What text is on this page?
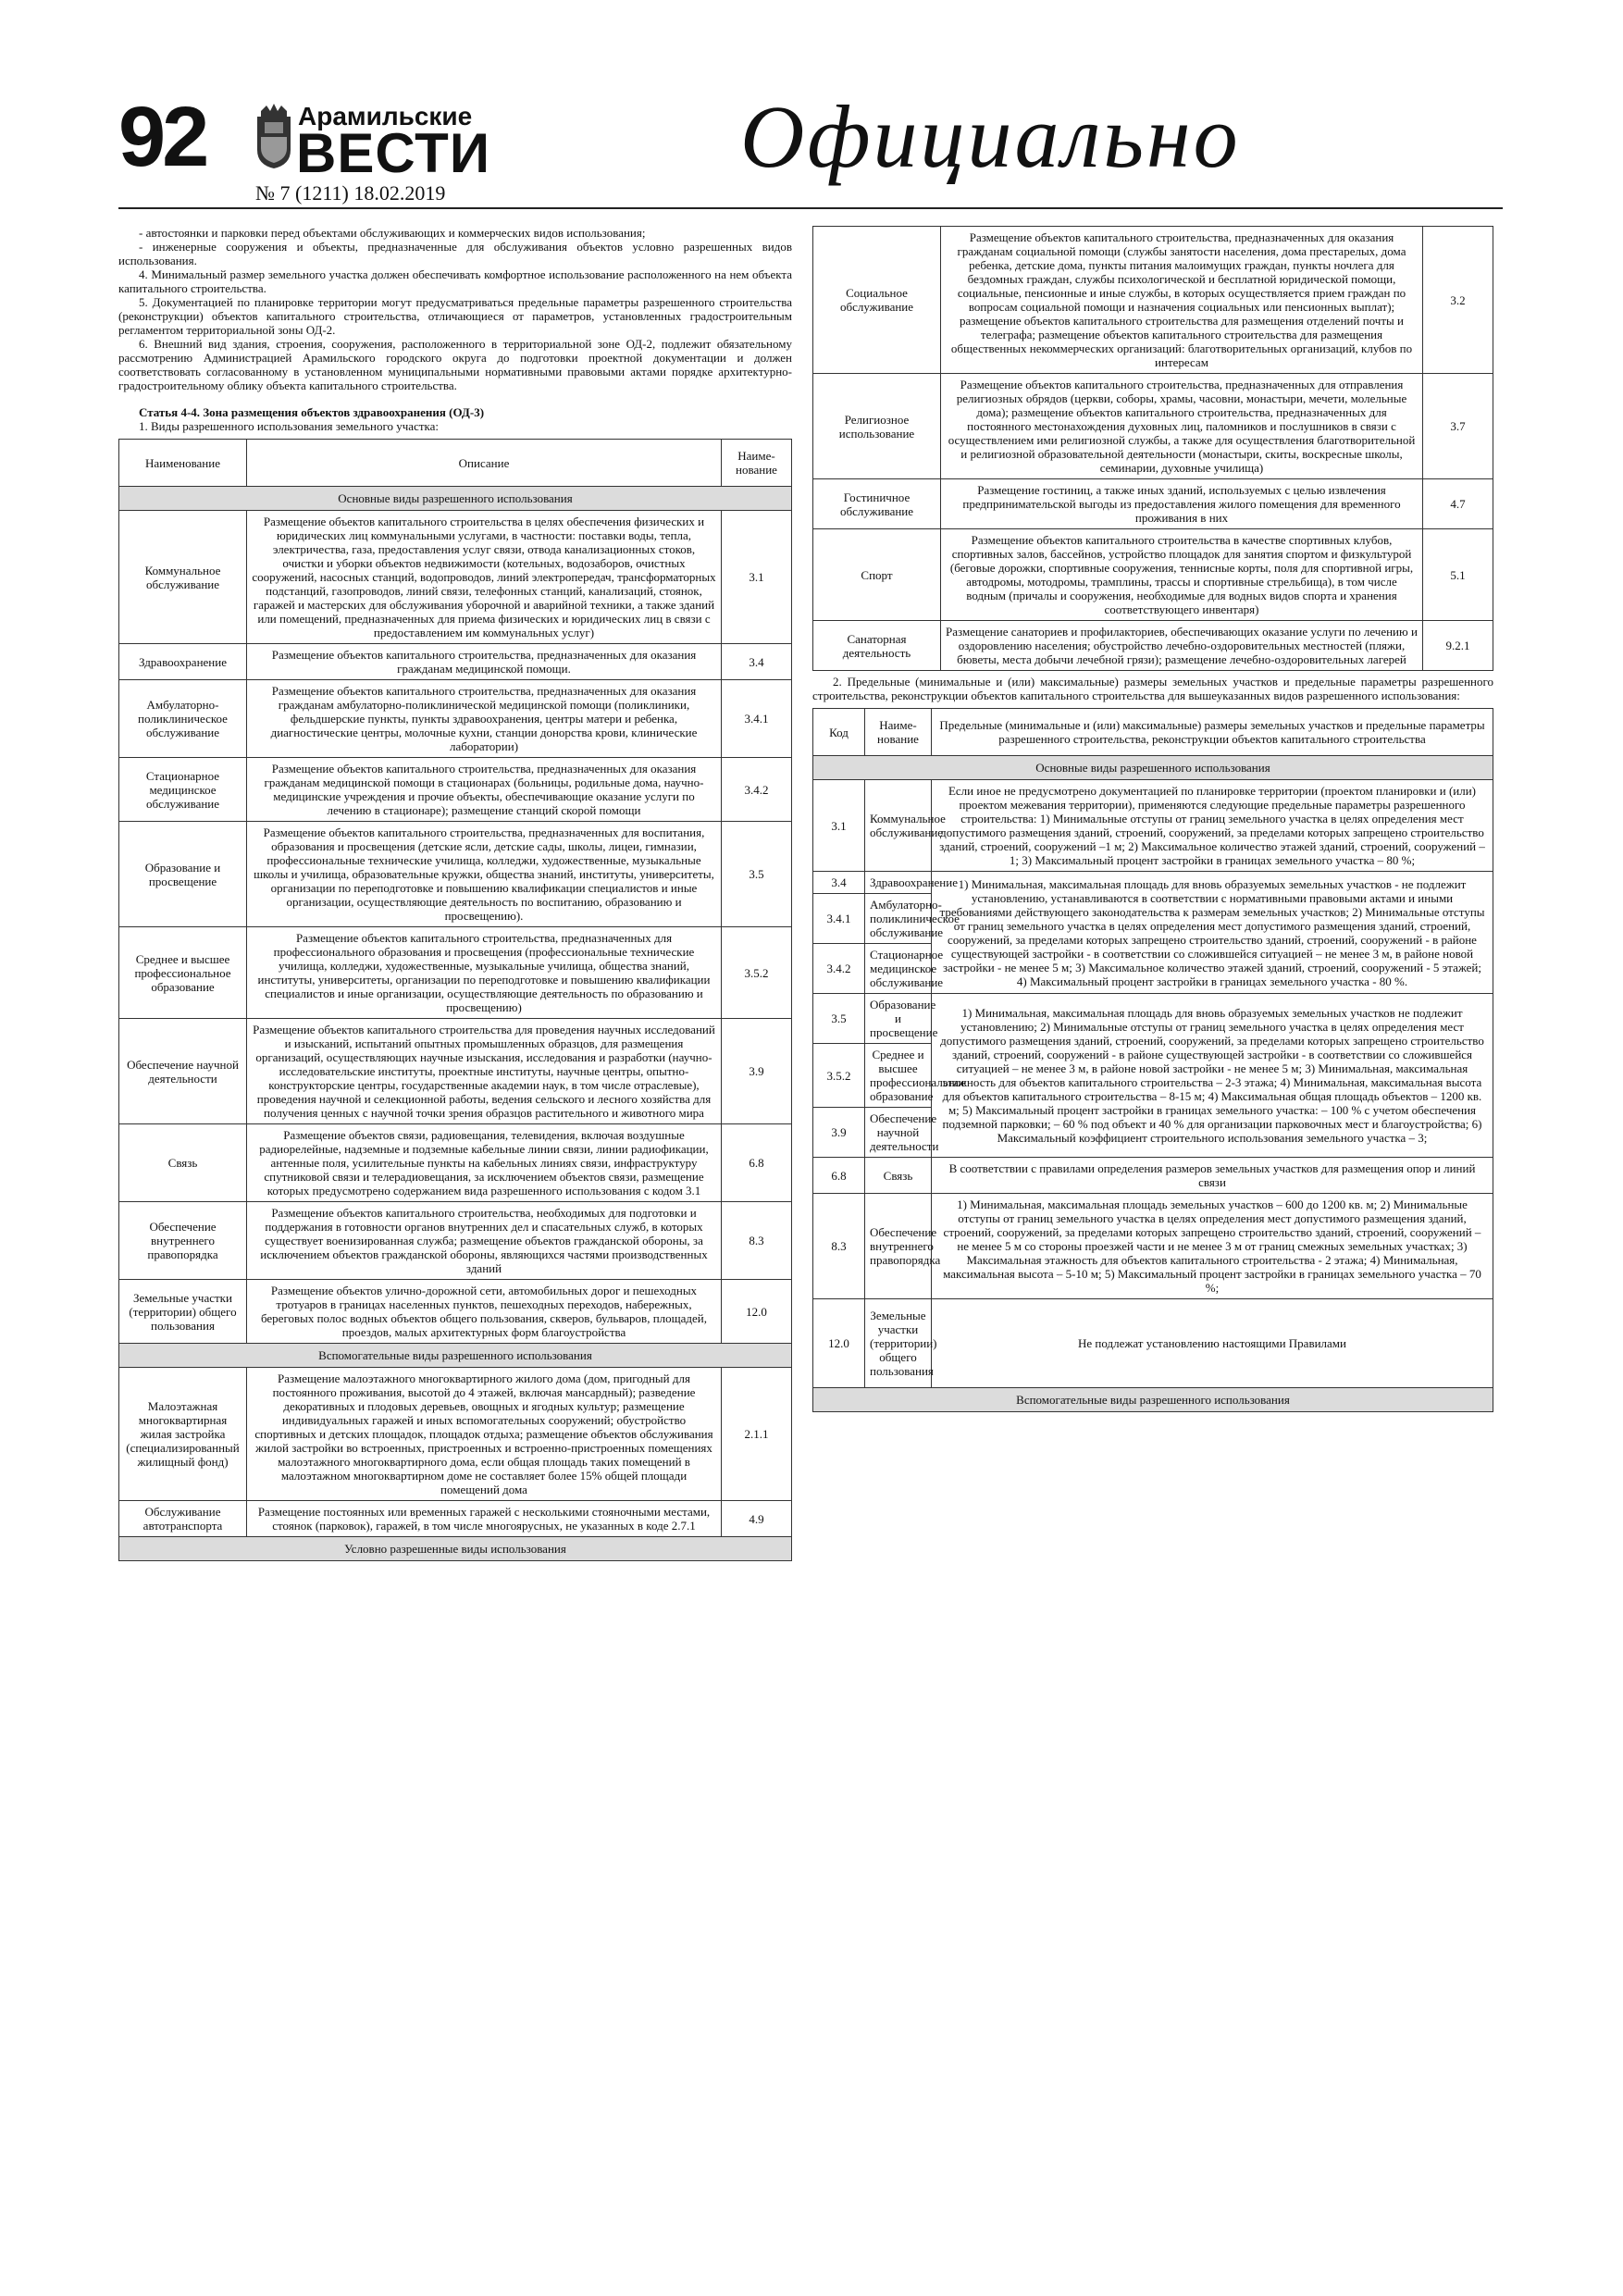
92	Арамильские
ВЕСТИ
№ 7 (1211) 18.02.2019
Официально

- автостоянки и парковки перед объектами обслуживающих и коммерческих видов использования;

- инженерные сооружения и объекты, предназначенные для обслуживания объектов условно разрешенных видов использования.

4. Минимальный размер земельного участка должен обеспечивать комфортное использование расположенного на нем объекта капитального строительства.

5. Документацией по планировке территории могут предусматриваться предельные параметры разрешенного строительства (реконструкции) объектов капитального строительства, отличающиеся от параметров, установленных градостроительным регламентом территориальной зоны ОД-2.

6. Внешний вид здания, строения, сооружения, расположенного в территориальной зоне ОД-2, подлежит обязательному рассмотрению Администрацией Арамильского городского округа до подготовки проектной документации и должен соответствовать согласованному в установленном муниципальными нормативными правовыми актами порядке архитектурно-градостроительному облику объекта капитального строительства.

Статья 4-4. Зона размещения объектов здравоохранения (ОД-3)

1. Виды разрешенного использования земельного участка:

Наименование	Описание	Наименование
Основные виды разрешенного использования		
Коммунальное обслуживание	Размещение объектов капитального строительства в целях обеспечения физических и юридических лиц коммунальными услугами, в частности: поставки воды, тепла, электричества, газа, предоставления услуг связи, отвода канализационных стоков, очистки и уборки объектов недвижимости (котельных, водозаборов, очистных сооружений, насосных станций, водопроводов, линий электропередач, трансформаторных подстанций, газопроводов, линий связи, телефонных станций, канализаций, стоянок, гаражей и мастерских для обслуживания уборочной и аварийной техники, а также зданий или помещений, предназначенных для приема физических и юридических лиц в связи с предоставлением им коммунальных услуг)	3.1
Здравоохранение	Размещение объектов капитального строительства, предназначенных для оказания гражданам медицинской помощи.	3.4
Амбулаторно-поликлиническое обслуживание	Размещение объектов капитального строительства, предназначенных для оказания гражданам амбулаторно-поликлинической медицинской помощи (поликлиники, фельдшерские пункты, пункты здравоохранения, центры матери и ребенка, диагностические центры, молочные кухни, станции донорства крови, клинические лаборатории)	3.4.1
Стационарное медицинское обслуживание	Размещение объектов капитального строительства, предназначенных для оказания гражданам медицинской помощи в стационарах (больницы, родильные дома, научно-медицинские учреждения и прочие объекты, обеспечивающие оказание услуги по лечению в стационаре); размещение станций скорой помощи	3.4.2
Образование и просвещение	Размещение объектов капитального строительства, предназначенных для воспитания, образования и просвещения (детские ясли, детские сады, школы, лицеи, гимназии, профессиональные технические училища, колледжи, художественные, музыкальные школы и училища, образовательные кружки, общества знаний, институты, университеты, организации по переподготовке и повышению квалификации специалистов и иные организации, осуществляющие деятельность по воспитанию, образованию и просвещению).	3.5
Среднее и высшее профессиональное образование	Размещение объектов капитального строительства, предназначенных для профессионального образования и просвещения (профессиональные технические училища, колледжи, художественные, музыкальные училища, общества знаний, институты, университеты, организации по переподготовке и повышению квалификации специалистов и иные организации, осуществляющие деятельность по образованию и просвещению)	3.5.2
Обеспечение научной деятельности	Размещение объектов капитального строительства для проведения научных исследований и изысканий, испытаний опытных промышленных образцов, для размещения организаций, осуществляющих научные изыскания, исследования и разработки (научно-исследовательские институты, проектные институты, научные центры, опытно-конструкторские центры, государственные академии наук, в том числе отраслевые), проведения научной и селекционной работы, ведения сельского и лесного хозяйства для получения ценных с научной точки зрения образцов растительного и животного мира	3.9
Связь	Размещение объектов связи, радиовещания, телевидения, включая воздушные радиорелейные, надземные и подземные кабельные линии связи, линии радиофикации, антенные поля, усилительные пункты на кабельных линиях связи, инфраструктуру спутниковой связи и телерадиовещания, за исключением объектов связи, размещение которых предусмотрено содержанием вида разрешенного использования с кодом 3.1	6.8
Обеспечение внутреннего правопорядка	Размещение объектов капитального строительства, необходимых для подготовки и поддержания в готовности органов внутренних дел и спасательных служб, в которых существует военизированная служба; размещение объектов гражданской обороны, за исключением объектов гражданской обороны, являющихся частями производственных зданий	8.3
Земельные участки (территории) общего пользования	Размещение объектов улично-дорожной сети, автомобильных дорог и пешеходных тротуаров в границах населенных пунктов, пешеходных переходов, набережных, береговых полос водных объектов общего пользования, скверов, бульваров, площадей, проездов, малых архитектурных форм благоустройства	12.0
Вспомогательные виды разрешенного использования		
Малоэтажная многоквартирная жилая застройка (специализированный жилищный фонд)	Размещение малоэтажного многоквартирного жилого дома (дом, пригодный для постоянного проживания, высотой до 4 этажей, включая мансардный); разведение декоративных и плодовых деревьев, овощных и ягодных культур; размещение индивидуальных гаражей и иных вспомогательных сооружений; обустройство спортивных и детских площадок, площадок отдыха; размещение объектов обслуживания жилой застройки во встроенных, пристроенных и встроенно-пристроенных помещениях малоэтажного многоквартирного дома, если общая площадь таких помещений в малоэтажном многоквартирном доме не составляет более 15% общей площади помещений дома	2.1.1
Обслуживание автотранспорта	Размещение постоянных или временных гаражей с несколькими стояночными местами, стоянок (парковок), гаражей, в том числе многоярусных, не указанных в коде 2.7.1	4.9
Условно разрешенные виды использования		
Социальное обслуживание	Размещение объектов капитального строительства, предназначенных для оказания гражданам социальной помощи (службы занятости населения, дома престарелых, дома ребенка, детские дома, пункты питания малоимущих граждан, пункты ночлега для бездомных граждан, службы психологической и бесплатной юридической помощи, социальные, пенсионные и иные службы, в которых осуществляется прием граждан по вопросам социальной помощи и назначения социальных или пенсионных выплат); размещение объектов капитального строительства для размещения отделений почты и телеграфа; размещение объектов капитального строительства для размещения общественных некоммерческих организаций: благотворительных организаций, клубов по интересам	3.2
Религиозное использование	Размещение объектов капитального строительства, предназначенных для отправления религиозных обрядов (церкви, соборы, храмы, часовни, монастыри, мечети, молельные дома); размещение объектов капитального строительства, предназначенных для постоянного местонахождения духовных лиц, паломников и послушников в связи с осуществлением ими религиозной службы, а также для осуществления благотворительной и религиозной образовательной деятельности (монастыри, скиты, воскресные школы, семинарии, духовные училища)	3.7
Гостиничное обслуживание	Размещение гостиниц, а также иных зданий, используемых с целью извлечения предпринимательской выгоды из предоставления жилого помещения для временного проживания в них	4.7
Спорт	Размещение объектов капитального строительства в качестве спортивных клубов, спортивных залов, бассейнов, устройство площадок для занятия спортом и физкультурой (беговые дорожки, спортивные сооружения, теннисные корты, поля для спортивной игры, автодромы, мотодромы, трамплины, трассы и спортивные стрельбища), в том числе водным (причалы и сооружения, необходимые для водных видов спорта и хранения соответствующего инвентаря)	5.1
Санаторная деятельность	Размещение санаториев и профилакториев, обеспечивающих оказание услуги по лечению и оздоровлению населения; обустройство лечебно-оздоровительных местностей (пляжи, бюветы, места добычи лечебной грязи); размещение лечебно-оздоровительных лагерей	9.2.1

2. Предельные (минимальные и (или) максимальные) размеры земельных участков и предельные параметры разрешенного строительства, реконструкции объектов капитального строительства для вышеуказанных видов разрешенного использования:

Код	Наименование	Предельные (минимальные и (или) максимальные) размеры земельных участков и предельные параметры разрешенного строительства, реконструкции объектов капитального строительства
Основные виды разрешенного использования		
3.1	Коммунальное обслуживание	Если иное не предусмотрено документацией по планировке территории (проектом планировки и (или) проектом межевания территории), применяются следующие предельные параметры разрешенного строительства: 1) Минимальные отступы от границ земельного участка в целях определения мест допустимого размещения зданий, строений, сооружений, за пределами которых запрещено строительство зданий, строений, сооружений –1 м; 2) Максимальное количество этажей зданий, строений, сооружений – 1; 3) Максимальный процент застройки в границах земельного участка – 80 %;
3.4	Здравоохранение	1) Минимальная, максимальная площадь для вновь образуемых земельных участков - не подлежит установлению, устанавливаются в соответствии с нормативными правовыми актами и иными требованиями действующего законодательства к размерам земельных участков; 2) Минимальные отступы от границ земельного участка в целях определения мест допустимого размещения зданий, строений, сооружений, за пределами которых запрещено строительство зданий, строений, сооружений - в районе существующей застройки - в соответствии со сложившейся ситуацией – не менее 3 м, в районе новой застройки - не менее 5 м; 3) Максимальное количество этажей зданий, строений, сооружений - 5 этажей; 4) Максимальный процент застройки в границах земельного участка - 80 %.
3.4.1	Амбулаторно-поликлиническое обслуживание	
3.4.2	Стационарное медицинское обслуживание	
3.5	Образование и просвещение	1) Минимальная, максимальная площадь для вновь образуемых земельных участков не подлежит установлению; 2) Минимальные отступы от границ земельного участка в целях определения мест допустимого размещения зданий, строений, сооружений, за пределами которых запрещено строительство зданий, строений, сооружений - в районе существующей застройки - в соответствии со сложившейся ситуацией – не менее 3 м, в районе новой застройки - не менее 5 м; 3) Минимальная, максимальная этажность для объектов капитального строительства – 2-3 этажа; 4) Минимальная, максимальная высота для объектов капитального строительства – 8-15 м; 4) Максимальная общая площадь объектов – 1200 кв. м; 5) Максимальный процент застройки в границах земельного участка: – 100 % с учетом обеспечения подземной парковки; – 60 % под объект и 40 % для организации парковочных мест и благоустройства; 6) Максимальный коэффициент строительного использования земельного участка – 3;
3.5.2	Среднее и высшее профессиональное образование	
3.9	Обеспечение научной деятельности	
6.8	Связь	В соответствии с правилами определения размеров земельных участков для размещения опор и линий связи
8.3	Обеспечение внутреннего правопорядка	1) Минимальная, максимальная площадь земельных участков – 600 до 1200 кв. м; 2) Минимальные отступы от границ земельного участка в целях определения мест допустимого размещения зданий, строений, сооружений, за пределами которых запрещено строительство зданий, строений, сооружений – не менее 5 м со стороны проезжей части и не менее 3 м от границ смежных земельных участках; 3) Максимальная этажность для объектов капитального строительства - 2 этажа; 4) Минимальная, максимальная высота – 5-10 м; 5) Максимальный процент застройки в границах земельного участка – 70 %;
12.0	Земельные участки (территории) общего пользования	Не подлежат установлению настоящими Правилами
Вспомогательные виды разрешенного использования		
